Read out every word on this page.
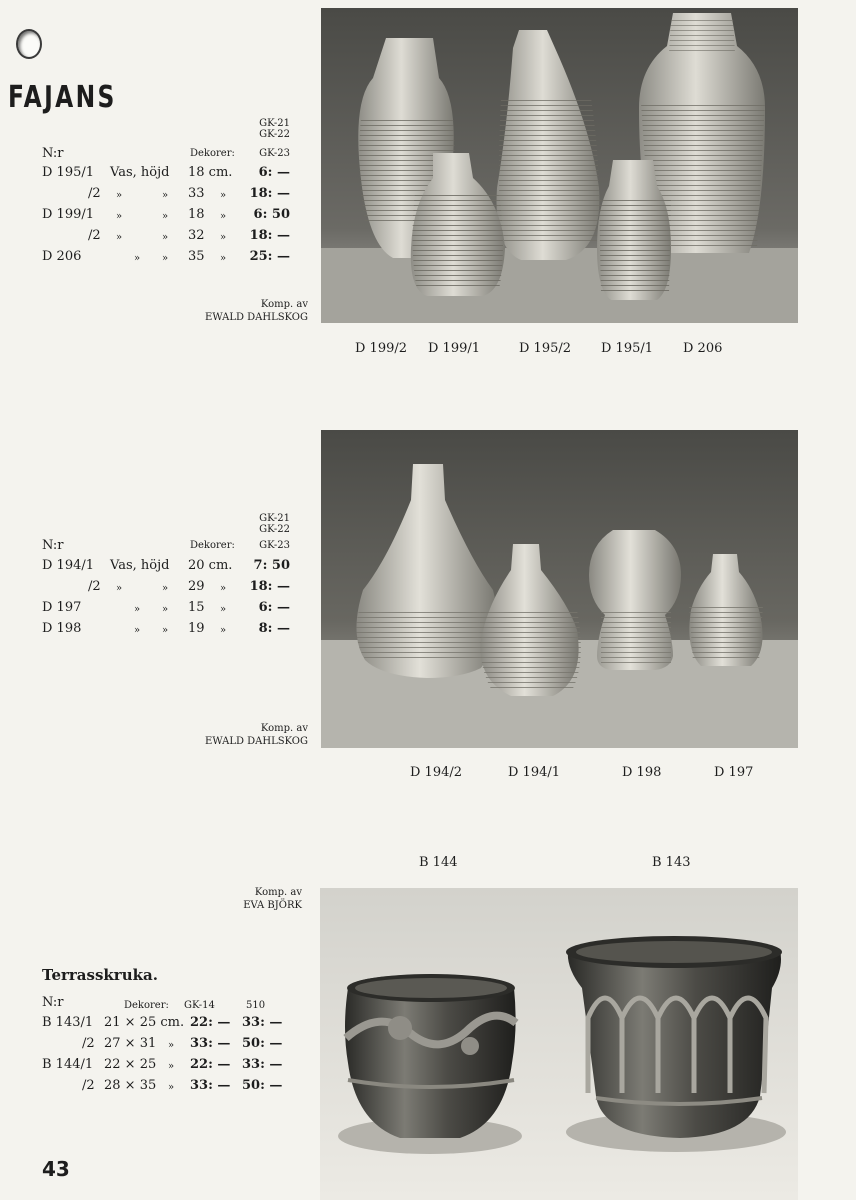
FAJANS
GK-21
GK-22
N:r	Dekorer:	GK-23
D 195/1 Vas, höjd 18 cm.	6: —
/2 »	» 33 » 18: —
D 199/1 »	» 18 »	6: 50
/2 »	» 32 » 18: —
D 206	» » 35 » 25: —
Komp. av
EWALD DAHLSKOG
D 199/2 D 199/1	D 195/2 D 195/1 D 206
GK-21
GK-22
N:r	Dekorer:	GK-23
D 194/1 Vas, höjd 20 cm.	7: 50
/2 »	» 29 » 18: —
D 197	» » 15 »	6: —
D 198	» » 19 »	8: —
Komp. av
EWALD DAHLSKOG
D 194/2	D 194/1	D 198	D 197
B 144	B 143
Komp. av
EVA BJÖRK
Terrasskruka.
N:r	Dekorer: GK-14	510
B 143/1 21 × 25 cm. 22: — 33: —
/2 27 × 31 » 33: — 50: —
B 144/1 22 × 25 » 22: — 33: —
/2 28 × 35 » 33: — 50: —
43
